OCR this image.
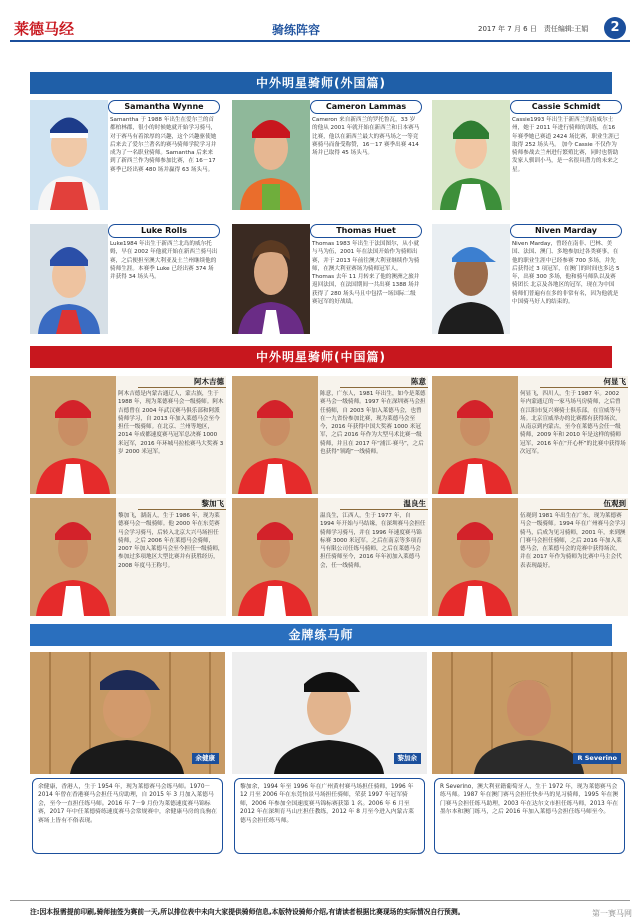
莱德马经	骑练阵容	2017 年 7 月 6 日　责任编辑:王娟	2
中外明星骑师(外国篇)
Samantha Wynne
Samantha 于 1988 年出生在爱尔兰的首都柏林郡，很小的时候她就开始学习骑马，对于赛马有着浓厚的兴趣，这个兴趣驱使她后来去了爱尔兰著名的赛马骑师学院学习并成为了一名职业骑师。Samantha 后来来到了新西兰作为骑师参加比赛，在 16－17 赛季已经出赛 480 场并赢得 63 场头马。
Cameron Lammas
Cameron 来自新西兰的罗托鲁瓦，33 岁的他从 2001 年就开始在新西兰和日本赛马比赛，他以在新西兰最大的赛马场之一等竞赛骑马而备受称赞，16－17 赛季出赛 414 场并已取得 45 场头马。
Cassie Schmidt
Cassie1993 年出生于新西兰的南威尔士州，她于 2011 年进行骑师的训练，在16 年赛季她已赛道 2424 场比赛，职业生涯已取得 252 场头马。 加今 Cassie 不仅作为骑师参战去兰州进行繁殖比赛，同时也帮助发家人驯训小马，是一名很具潜力的未来之星。
Luke Rolls
Luke1984 年出生于新西兰北岛的威尔托姆，早在 2002 年他就开始在新西兰骑马出赛，之后便担至澳大利亚及土兰州继续他的骑师生涯。本赛季 Luke 已经出赛 374 场并获得 34 场头马。
Thomas Huet
Thomas 1983 年出生于法国图尔，从小就与马为伍，2001 年在法国开始作为骑师出赛，并于 2013 年前往澳大利亚继续作为骑师，在澳大利亚赛场为骑师冠军人。Thomas 去年 11 月转来了他的澳洲之旅并返回法国，在法国期间一共出赛 1388 场并获得了 280 场头马且中包括一场国际二级赛冠军的好战绩。
Niven Marday
Niven Marday，曾经在南非、巴林、美国、法国、澳门、多地参加过各类赛事，在他的职业生涯中已经参赛 700 多场，并先后获得过 3 项冠军，在澳门的时间也多达 5 年，出赛 300 多场，他和骑马师队以及赛骑团长 北京及各地区的冠军，现在为中国骑师们普遍有在多的非常有名，因为他就是中国骑马好人的结束的。
中外明星骑师(中国篇)
阿木吉德
阿木吉德是内蒙古通辽人，蒙古族，生于 1988 年，现为莱德赛马会一级骑师。阿木吉德曾在 2004 年武汉赛马俱乐部和阿派骑师学习，自 2013 年加入莱德马会至今担任一级骑师。在北京、兰州等地区，2014 年成都速度赛马冠军总决赛 1000 米冠军，2016 年环城马拉松赛马大奖赛 3 岁 2000 米冠军。
陈意
陈意，广东人，1981 年出生，如今是莱德赛马会一级骑师。1997 年在深圳赛马会担任骑师，自 2003 年加入莱德马会，也曾在一九省份参加比赛，现为莱德马会至今，2016 年获得中国大奖赛 1000 米冠军，之后 2016 年作为大型马术比赛一级骑师，并且在 2017 年“浦江·赛马”，之后也获得“领跑”一线骑师。
何显飞
何显飞，四川人，生于 1987 年。2002 年内蒙通辽的一家马场马房骑师，之后曾在江阳市复兴赛骑士俱乐部，在宣威等马场。北京宣威举办的比赛都有获得场次，从南京到内蒙古，至今在莱德马会任一级骑师，2009 年和 2010 年是这样的骑师冠军，2016 年在“开心杯”的比赛中获得场次冠军。
黎加飞
黎加飞，湖南人，生于 1986 年，现为莱德赛马会一级骑师。他 2000 年在东莞赛马会学习骑马，后转入北京大兴马场担任骑师，之后 2006 年在莱德马会骑师，2007 年加入莱德马会至今担任一级骑师，参加过多项地区大型比赛并有获胜经历，2008 年度马王称号。
温良生
温良生，江西人，生于 1977 年，自 1994 年开始与马结缘，在深圳赛马会担任骑师学习骑马，并在 1996 年速度赛马锦标赛 3000 米冠军。之后在南京等多项育马有限公司任练马骑师，之后在莱德马会担任骑师至今，2016 年年初加入莱德马会，任一线骑师。
伍观到
伍观到 1981 年出生在广东，现为莱德赛马会一级骑师。1994 年在广州赛马会学习骑马，后成为见习骑师，2001 年，来到澳门赛马会担任骑师，之后 2016 年加入莱德马会，在莱德马会的竞赛中获得场次，并在 2017 年作为骑师为比赛中马主会代表表现最好。
金牌练马师
余健康
余健康，香港人，生于 1954 年，现为莱德赛马会练马师。1970－2014 年曾在香港赛马会担任马房助理，自 2015 年 3 月加入莱德马会，至今一直担任练马师。2016 年 7－9 月份为莱德速度赛马锦标赛，2017 年中任莱德骑练速度赛马会常规赛中，余健康马房的良驹在赛场上皆有不俗表现。
黎加余
黎加余，1994 年至 1996 年在广州黄村赛马场担任骑师，1996 年 12 月至 2006 年在东莞怡景马场担任骑师，荣获 1997 年冠军骑师，2006 年参加全国速度赛马锦标赛获第 1 名。2006 年 6 月至 2012 年在深圳育马山庄担任教练，2012 年 8 月至今进入内蒙古莱德马会担任练马师。
R Severino
R Severino，澳大利亚籍葡萄牙人，生于 1972 年，现为莱德赛马会练马师。1987 年在澳门赛马会担任快步马的见习骑师，1995 年在澳门赛马会担任练马助理，2003 年在达尔文市担任练马师，2013 年在墨尔本和澳门练马，之后 2016 年加入莱德马会担任练马师至今。
注:因本报需提前印刷,骑师抽签为赛前一天,所以排位表中未向大家提供骑师信息,本版特设骑师介绍,有请读者根据比赛现场的实际情况自行预测。	第一赛马网
